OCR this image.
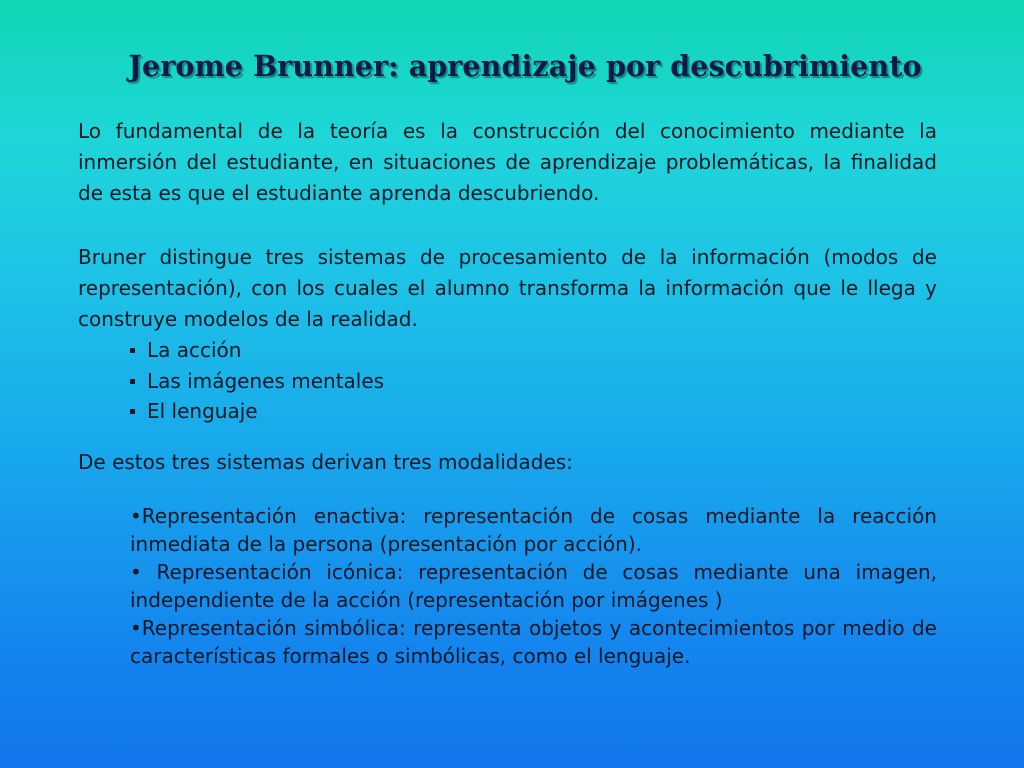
Jerome Brunner: aprendizaje por descubrimiento

Lo fundamental de la teoría es la construcción del conocimiento mediante la inmersión del estudiante, en situaciones de aprendizaje problemáticas, la finalidad de esta es que el estudiante aprenda descubriendo.

Bruner distingue tres sistemas de procesamiento de la información (modos de representación), con los cuales el alumno transforma la información que le llega y construye modelos de la realidad.

La acción
Las imágenes mentales
El lenguaje

De estos tres sistemas derivan tres modalidades:

•Representación enactiva: representación de cosas mediante la reacción inmediata de la persona (presentación por acción).
• Representación icónica: representación de cosas mediante una imagen, independiente de la acción (representación por imágenes )
•Representación simbólica: representa objetos y acontecimientos por medio de características formales o simbólicas, como el lenguaje.
